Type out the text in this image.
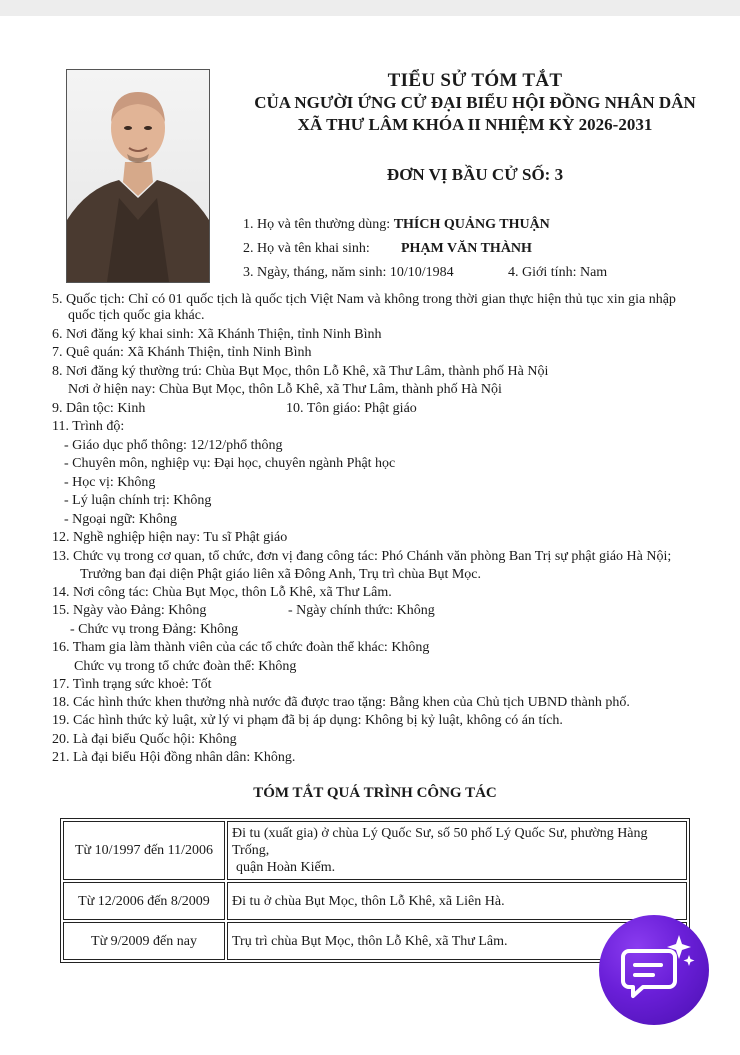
TIỂU SỬ TÓM TẮT
CỦA NGƯỜI ỨNG CỬ ĐẠI BIỂU HỘI ĐỒNG NHÂN DÂN
XÃ THƯ LÂM KHÓA II NHIỆM KỲ 2026-2031
ĐƠN VỊ BẦU CỬ SỐ: 3
1. Họ và tên thường dùng: THÍCH QUẢNG THUẬN
2. Họ và tên khai sinh: PHẠM VĂN THÀNH
3. Ngày, tháng, năm sinh: 10/10/1984	4. Giới tính: Nam
5. Quốc tịch: Chỉ có 01 quốc tịch là quốc tịch Việt Nam và không trong thời gian thực hiện thủ tục xin gia nhập
quốc tịch quốc gia khác.
6. Nơi đăng ký khai sinh: Xã Khánh Thiện, tỉnh Ninh Bình
7. Quê quán: Xã Khánh Thiện, tỉnh Ninh Bình
8. Nơi đăng ký thường trú: Chùa Bụt Mọc, thôn Lỗ Khê, xã Thư Lâm, thành phố Hà Nội
Nơi ở hiện nay: Chùa Bụt Mọc, thôn Lỗ Khê, xã Thư Lâm, thành phố Hà Nội
9. Dân tộc: Kinh	10. Tôn giáo: Phật giáo
11. Trình độ:
- Giáo dục phổ thông: 12/12/phổ thông
- Chuyên môn, nghiệp vụ: Đại học, chuyên ngành Phật học
- Học vị: Không
- Lý luận chính trị: Không
- Ngoại ngữ: Không
12. Nghề nghiệp hiện nay: Tu sĩ Phật giáo
13. Chức vụ trong cơ quan, tổ chức, đơn vị đang công tác: Phó Chánh văn phòng Ban Trị sự phật giáo Hà Nội;
Trưởng ban đại diện Phật giáo liên xã Đông Anh, Trụ trì chùa Bụt Mọc.
14. Nơi công tác: Chùa Bụt Mọc, thôn Lỗ Khê, xã Thư Lâm.
15. Ngày vào Đảng: Không	- Ngày chính thức: Không
- Chức vụ trong Đảng: Không
16. Tham gia làm thành viên của các tổ chức đoàn thể khác: Không
Chức vụ trong tổ chức đoàn thể: Không
17. Tình trạng sức khoẻ: Tốt
18. Các hình thức khen thưởng nhà nước đã được trao tặng: Bằng khen của Chủ tịch UBND thành phố.
19. Các hình thức kỷ luật, xử lý vi phạm đã bị áp dụng: Không bị kỷ luật, không có án tích.
20. Là đại biểu Quốc hội: Không
21. Là đại biểu Hội đồng nhân dân: Không.
TÓM TẮT QUÁ TRÌNH CÔNG TÁC
Từ 10/1997 đến 11/2006	Đi tu (xuất gia) ở chùa Lý Quốc Sư, số 50 phố Lý Quốc Sư, phường Hàng Trống,
quận Hoàn Kiếm.
Từ 12/2006 đến 8/2009	Đi tu ở chùa Bụt Mọc, thôn Lỗ Khê, xã Liên Hà.
Từ 9/2009 đến nay	Trụ trì chùa Bụt Mọc, thôn Lỗ Khê, xã Thư Lâm.
